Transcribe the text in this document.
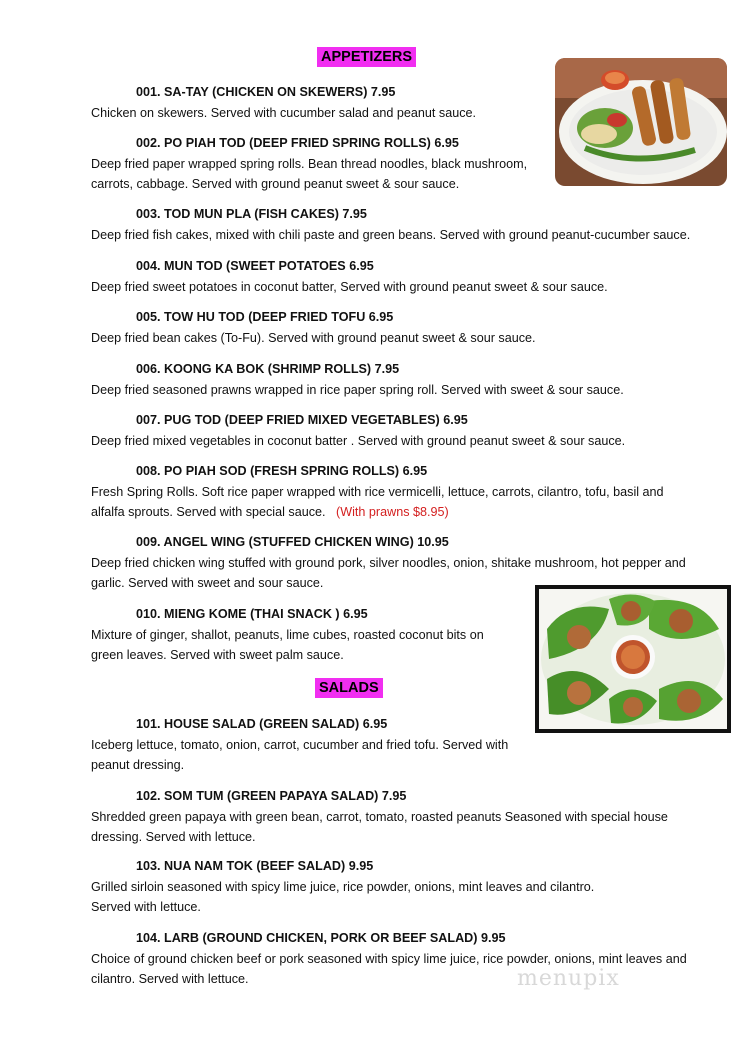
APPETIZERS
SALADS
001. SA-TAY (CHICKEN ON SKEWERS) 7.95
Chicken on skewers. Served with cucumber salad and peanut sauce.
002. PO PIAH TOD (DEEP FRIED SPRING ROLLS) 6.95
Deep fried paper wrapped spring rolls. Bean thread noodles, black mushroom,
carrots, cabbage. Served with ground peanut sweet & sour sauce.
003. TOD MUN PLA (FISH CAKES) 7.95
Deep fried fish cakes, mixed with chili paste and green beans. Served with ground peanut-cucumber sauce.
004. MUN TOD (SWEET POTATOES 6.95
Deep fried sweet potatoes in coconut batter, Served with ground peanut sweet & sour sauce.
005. TOW HU TOD (DEEP FRIED TOFU 6.95
Deep fried bean cakes (To-Fu). Served with ground peanut sweet & sour sauce.
006. KOONG KA BOK (SHRIMP ROLLS) 7.95
Deep fried seasoned prawns wrapped in rice paper spring roll. Served with sweet & sour sauce.
007. PUG TOD (DEEP FRIED MIXED VEGETABLES) 6.95
Deep fried mixed vegetables in coconut batter . Served with ground peanut sweet & sour sauce.
008. PO PIAH SOD (FRESH SPRING ROLLS) 6.95
Fresh Spring Rolls. Soft rice paper wrapped with rice vermicelli, lettuce, carrots, cilantro, tofu, basil and
alfalfa sprouts. Served with special sauce. (With prawns $8.95)
009. ANGEL WING (STUFFED CHICKEN WING) 10.95
Deep fried chicken wing stuffed with ground pork, silver noodles, onion, shitake mushroom, hot pepper and
garlic. Served with sweet and sour sauce.
010. MIENG KOME (THAI SNACK ) 6.95
Mixture of ginger, shallot, peanuts, lime cubes, roasted coconut bits on
green leaves. Served with sweet palm sauce.
101. HOUSE SALAD (GREEN SALAD) 6.95
Iceberg lettuce, tomato, onion, carrot, cucumber and fried tofu. Served with
peanut dressing.
102. SOM TUM (GREEN PAPAYA SALAD) 7.95
Shredded green papaya with green bean, carrot, tomato, roasted peanuts Seasoned with special house
dressing. Served with lettuce.
103. NUA NAM TOK (BEEF SALAD) 9.95
Grilled sirloin seasoned with spicy lime juice, rice powder, onions, mint leaves and cilantro.
Served with lettuce.
104. LARB (GROUND CHICKEN, PORK OR BEEF SALAD) 9.95
Choice of ground chicken beef or pork seasoned with spicy lime juice, rice powder, onions, mint leaves and
cilantro. Served with lettuce.	menupix
